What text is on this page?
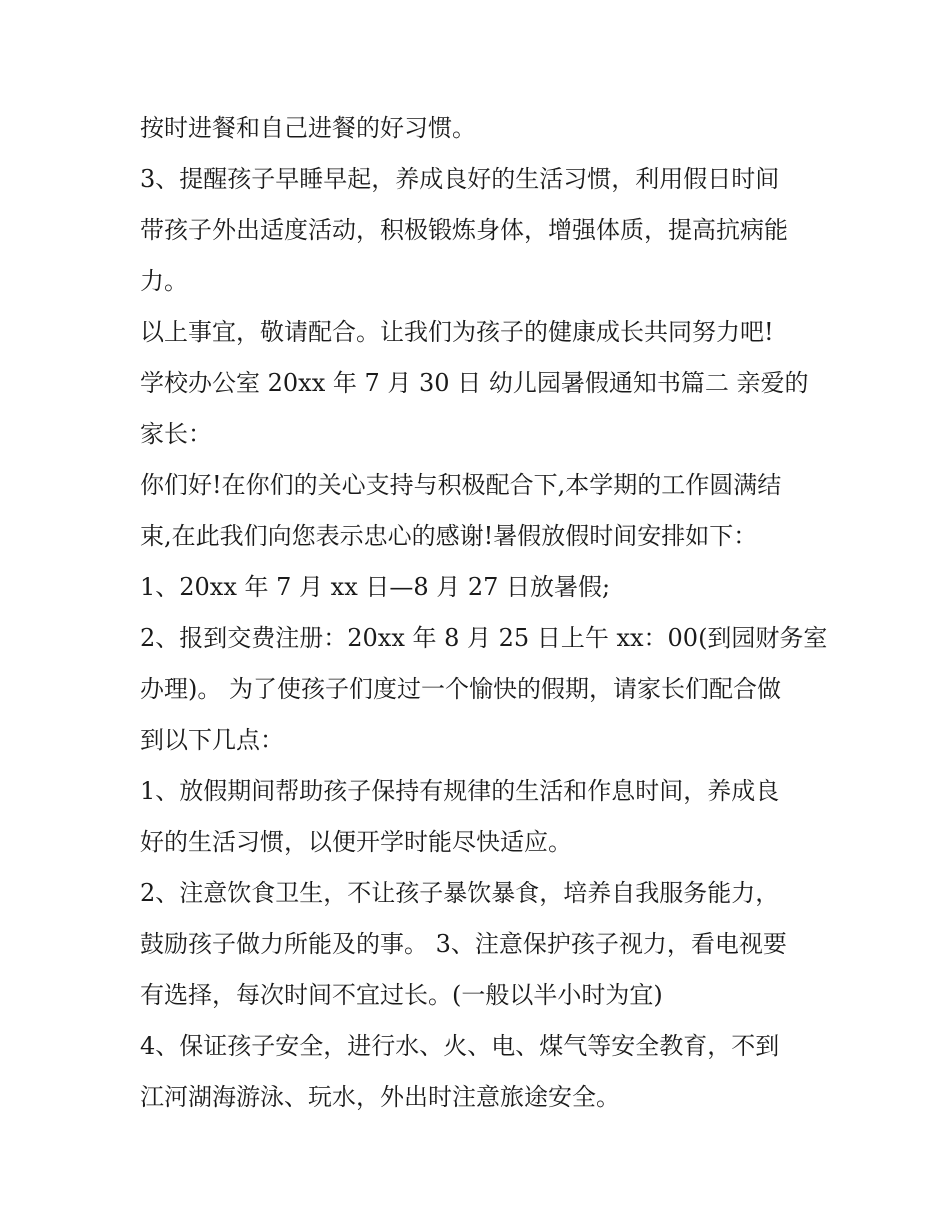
按时进餐和自己进餐的好习惯。

3、提醒孩子早睡早起，养成良好的生活习惯，利用假日时间

带孩子外出适度活动，积极锻炼身体，增强体质，提高抗病能

力。

以上事宜，敬请配合。让我们为孩子的健康成长共同努力吧!

学校办公室 20xx 年 7 月 30 日 幼儿园暑假通知书篇二 亲爱的

家长：

你们好!在你们的关心支持与积极配合下,本学期的工作圆满结

束,在此我们向您表示忠心的感谢!暑假放假时间安排如下：

1、20xx 年 7 月 xx 日—8 月 27 日放暑假;

2、报到交费注册：20xx 年 8 月 25 日上午 xx：00(到园财务室

办理)。 为了使孩子们度过一个愉快的假期，请家长们配合做

到以下几点：

1、放假期间帮助孩子保持有规律的生活和作息时间，养成良

好的生活习惯，以便开学时能尽快适应。

2、注意饮食卫生，不让孩子暴饮暴食，培养自我服务能力，

鼓励孩子做力所能及的事。 3、注意保护孩子视力，看电视要

有选择，每次时间不宜过长。(一般以半小时为宜)

4、保证孩子安全，进行水、火、电、煤气等安全教育，不到

江河湖海游泳、玩水，外出时注意旅途安全。
